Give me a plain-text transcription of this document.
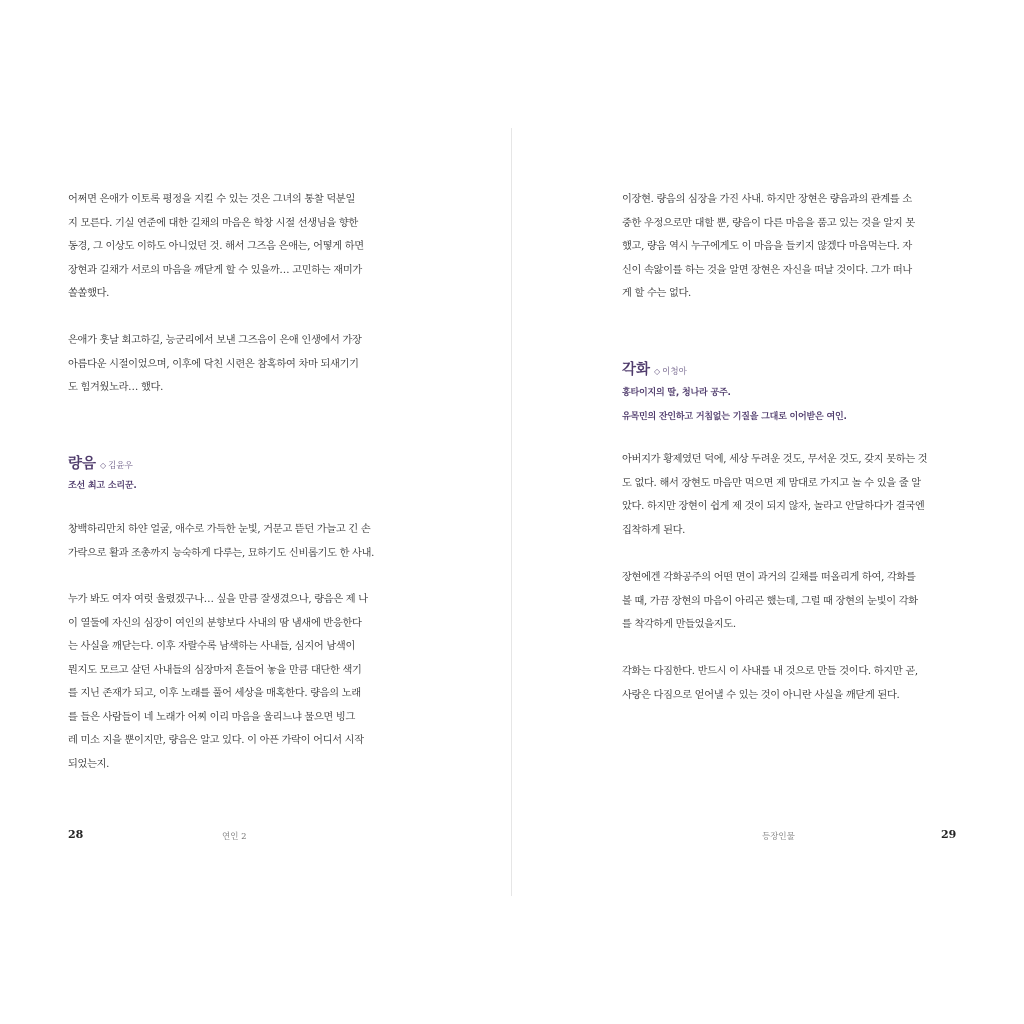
어쩌면 은애가 이토록 평정을 지킬 수 있는 것은 그녀의 통찰 덕분일
지 모른다. 기실 연준에 대한 길채의 마음은 학창 시절 선생님을 향한
동경, 그 이상도 이하도 아니었던 것. 해서 그즈음 은애는, 어떻게 하면
장현과 길채가 서로의 마음을 깨닫게 할 수 있을까… 고민하는 재미가
쏠쏠했다.

은애가 훗날 회고하길, 능군리에서 보낸 그즈음이 은애 인생에서 가장
아름다운 시절이었으며, 이후에 닥친 시련은 참혹하여 차마 되새기기
도 힘겨웠노라… 했다.

량음 ◇ 김윤우
조선 최고 소리꾼.

창백하리만치 하얀 얼굴, 애수로 가득한 눈빛, 거문고 뜯던 가늘고 긴 손
가락으로 활과 조총까지 능숙하게 다루는, 묘하기도 신비롭기도 한 사내.

누가 봐도 여자 여럿 울렸겠구나… 싶을 만큼 잘생겼으나, 량음은 제 나
이 열둘에 자신의 심장이 여인의 분향보다 사내의 땀 냄새에 반응한다
는 사실을 깨닫는다. 이후 자랄수록 남색하는 사내들, 심지어 남색이
뭔지도 모르고 살던 사내들의 심장마저 흔들어 놓을 만큼 대단한 색기
를 지닌 존재가 되고, 이후 노래를 풀어 세상을 매혹한다. 량음의 노래
를 들은 사람들이 네 노래가 어찌 이리 마음을 울리느냐 물으면 빙그
레 미소 지을 뿐이지만, 량음은 알고 있다. 이 아픈 가락이 어디서 시작
되었는지.

28	연인 2

이장현. 량음의 심장을 가진 사내. 하지만 장현은 량음과의 관계를 소
중한 우정으로만 대할 뿐, 량음이 다른 마음을 품고 있는 것을 알지 못
했고, 량음 역시 누구에게도 이 마음을 들키지 않겠다 마음먹는다. 자
신이 속앓이를 하는 것을 알면 장현은 자신을 떠날 것이다. 그가 떠나
게 할 수는 없다.

각화 ◇ 이청아
홍타이지의 딸, 청나라 공주.
유목민의 잔인하고 거침없는 기질을 그대로 이어받은 여인.

아버지가 황제였던 덕에, 세상 두려운 것도, 무서운 것도, 갖지 못하는 것
도 없다. 해서 장현도 마음만 먹으면 제 맘대로 가지고 놀 수 있을 줄 알
았다. 하지만 장현이 쉽게 제 것이 되지 않자, 놀라고 안달하다가 결국엔
집착하게 된다.

장현에겐 각화공주의 어떤 면이 과거의 길채를 떠올리게 하여, 각화를
볼 때, 가끔 장현의 마음이 아리곤 했는데, 그럴 때 장현의 눈빛이 각화
를 착각하게 만들었을지도.

각화는 다짐한다. 반드시 이 사내를 내 것으로 만들 것이다. 하지만 곧,
사랑은 다짐으로 얻어낼 수 있는 것이 아니란 사실을 깨닫게 된다.

등장인물	29
